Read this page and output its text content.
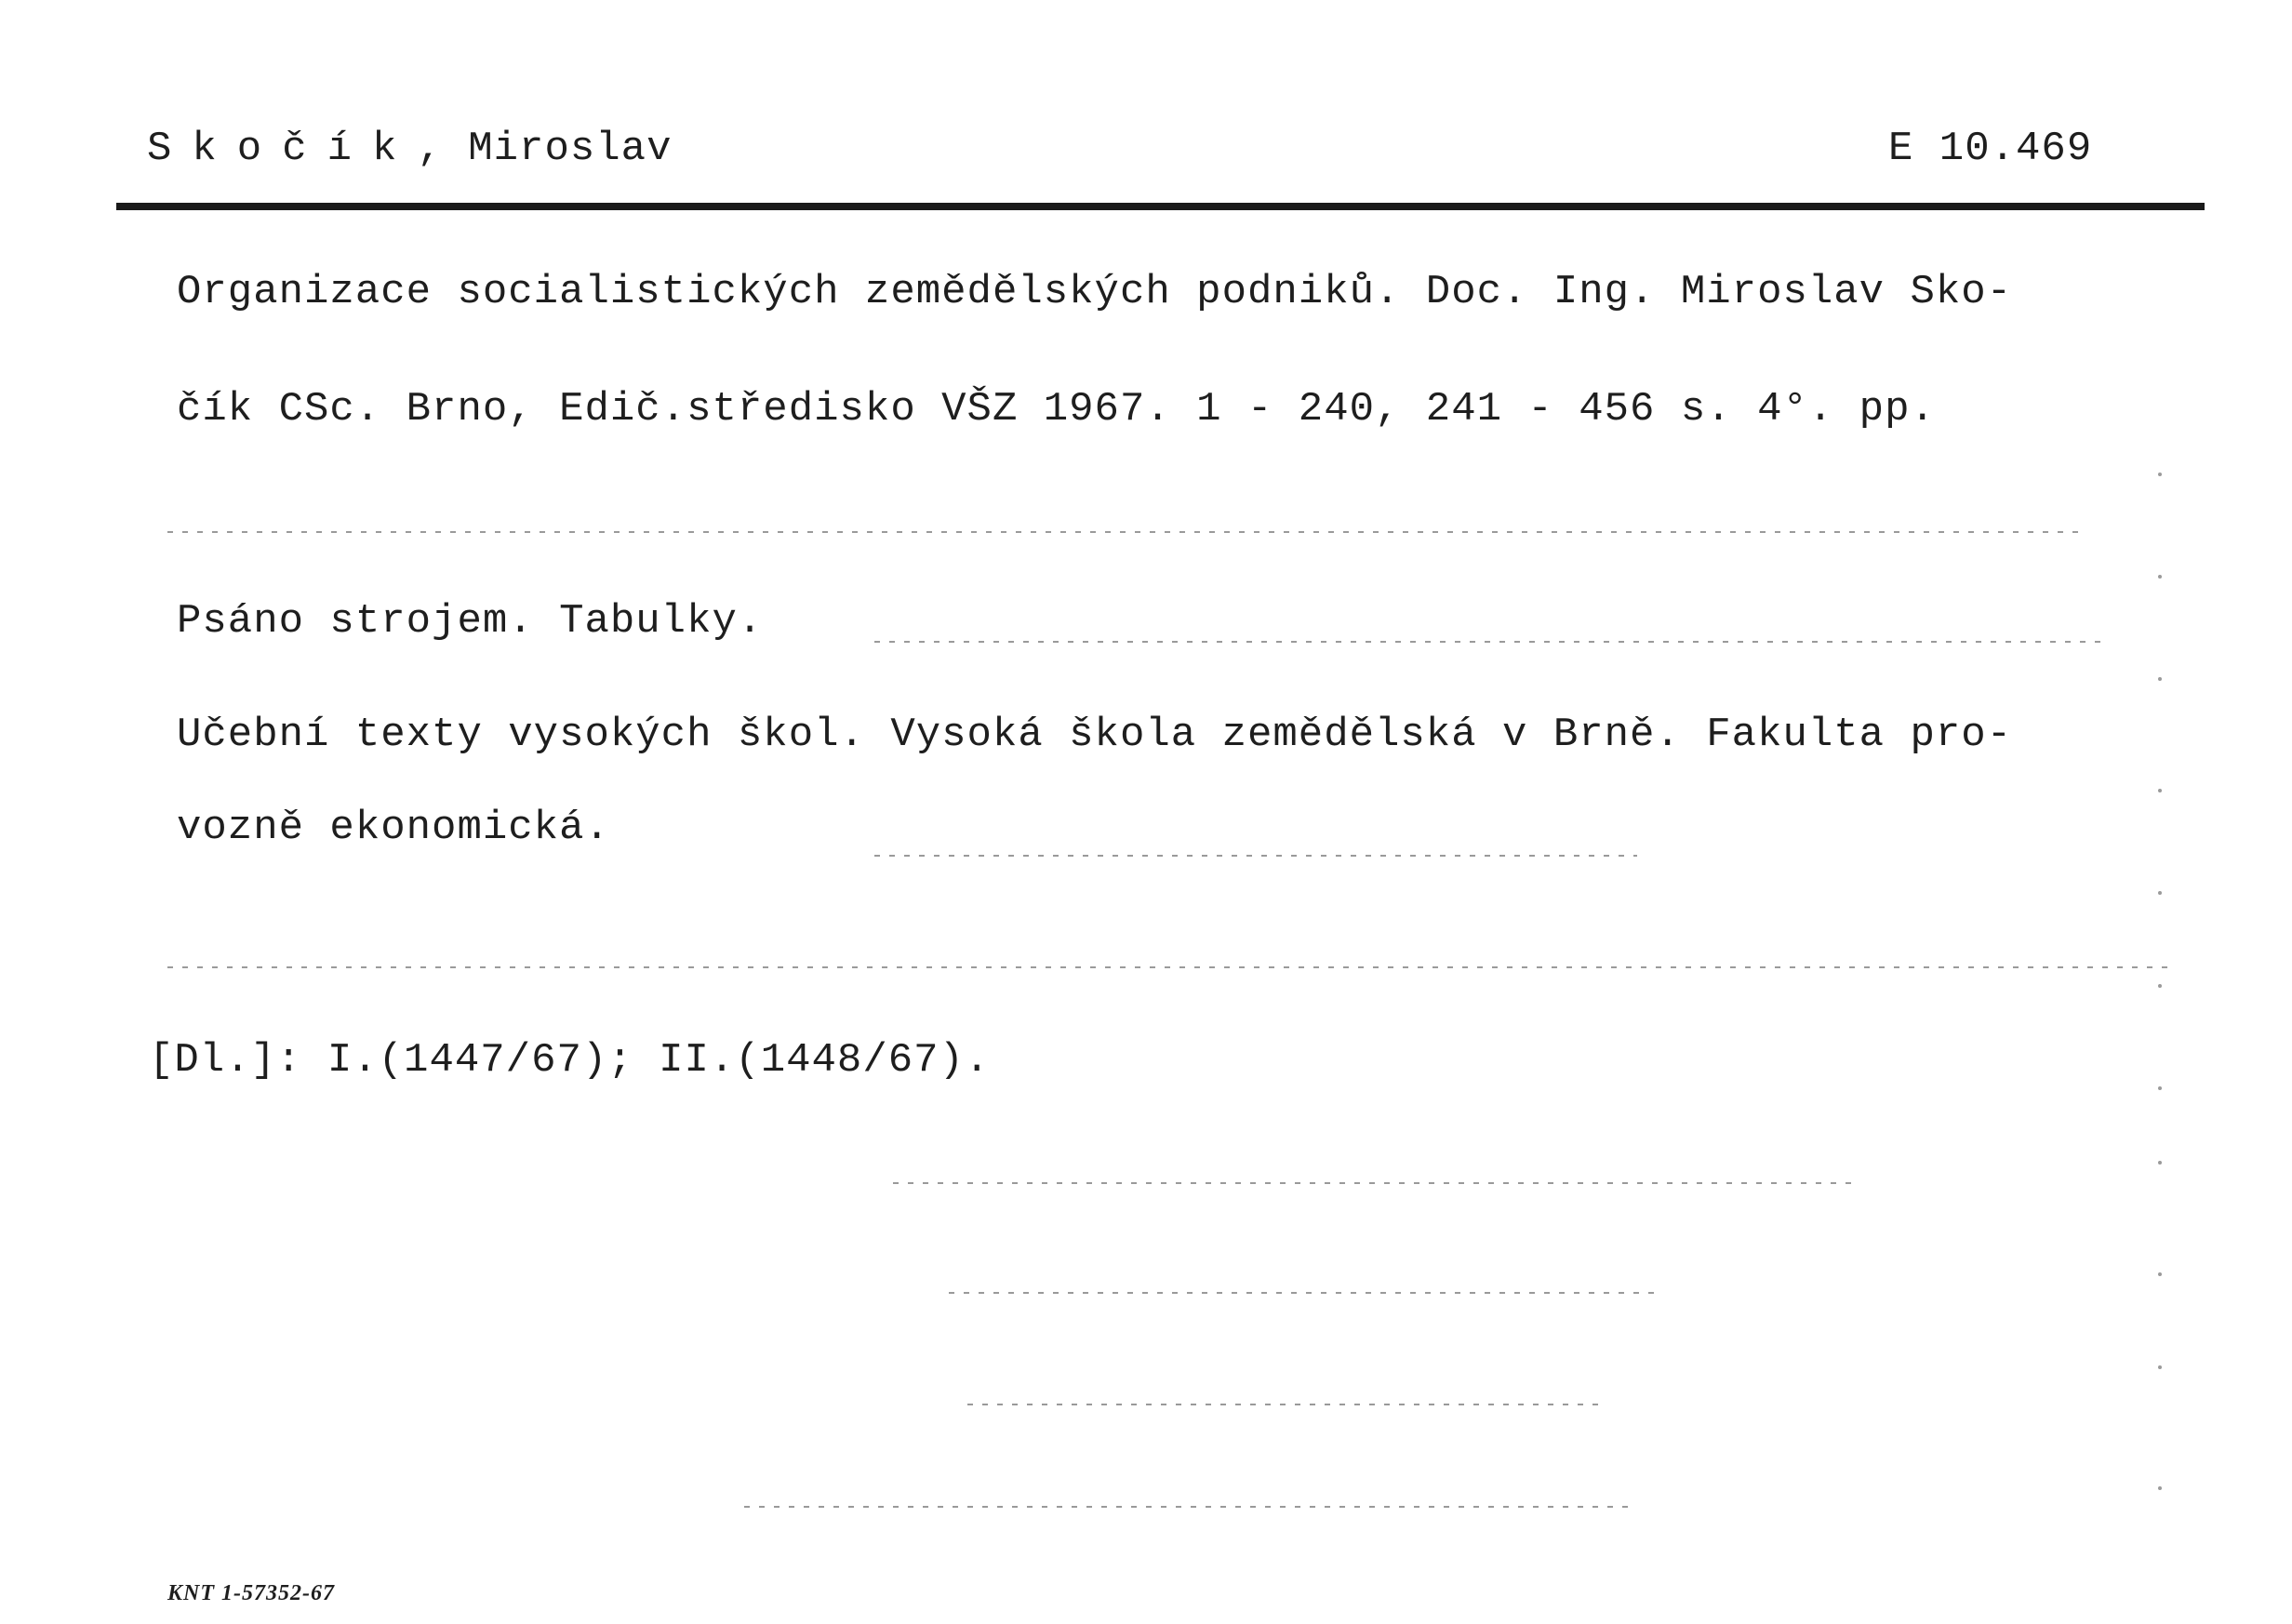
Skočík, Miroslav	E 10.469
Organizace socialistických zemědělských podniků. Doc. Ing. Miroslav Sko-
čík CSc. Brno, Edič.středisko VŠZ 1967. 1 - 240, 241 - 456 s. 4°. pp.
Psáno strojem. Tabulky.
Učební texty vysokých škol. Vysoká škola zemědělská v Brně. Fakulta pro-
vozně ekonomická.
[Dl.]: I.(1447/67); II.(1448/67).
KNT 1-57352-67
